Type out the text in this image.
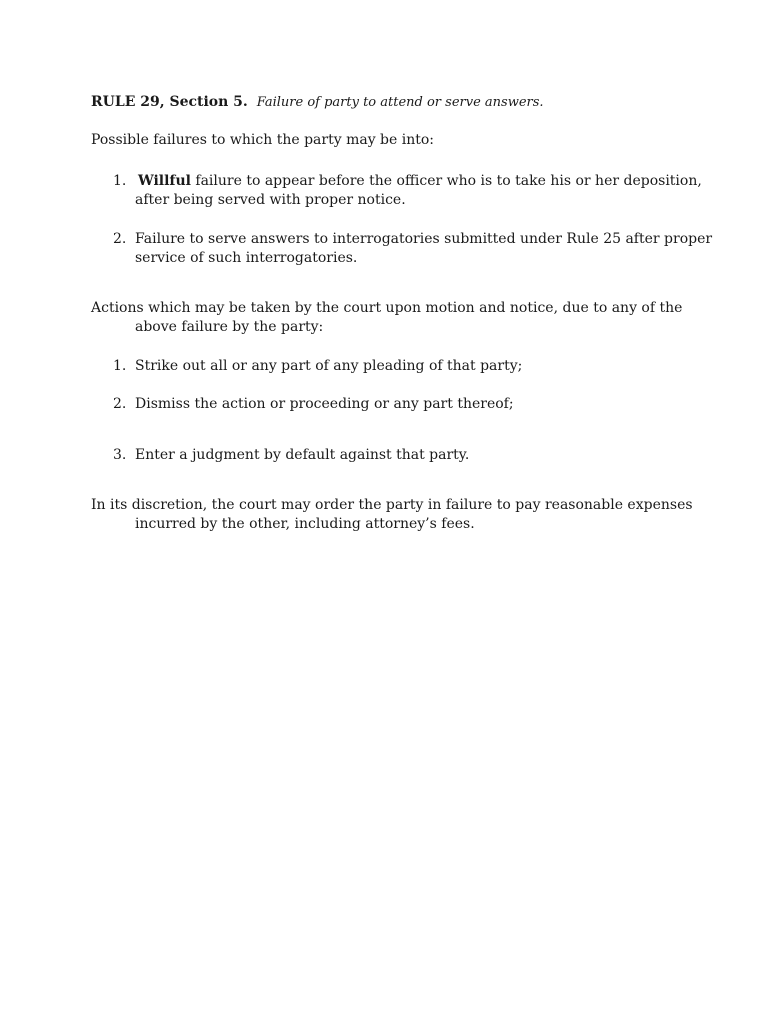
RULE 29, Section 5. Failure of party to attend or serve answers.
Possible failures to which the party may be into:
1. Willful failure to appear before the officer who is to take his or her deposition,
after being served with proper notice.
2. Failure to serve answers to interrogatories submitted under Rule 25 after proper
service of such interrogatories.
Actions which may be taken by the court upon motion and notice, due to any of the
above failure by the party:
1. Strike out all or any part of any pleading of that party;
2. Dismiss the action or proceeding or any part thereof;
3. Enter a judgment by default against that party.
In its discretion, the court may order the party in failure to pay reasonable expenses
incurred by the other, including attorney’s fees.
